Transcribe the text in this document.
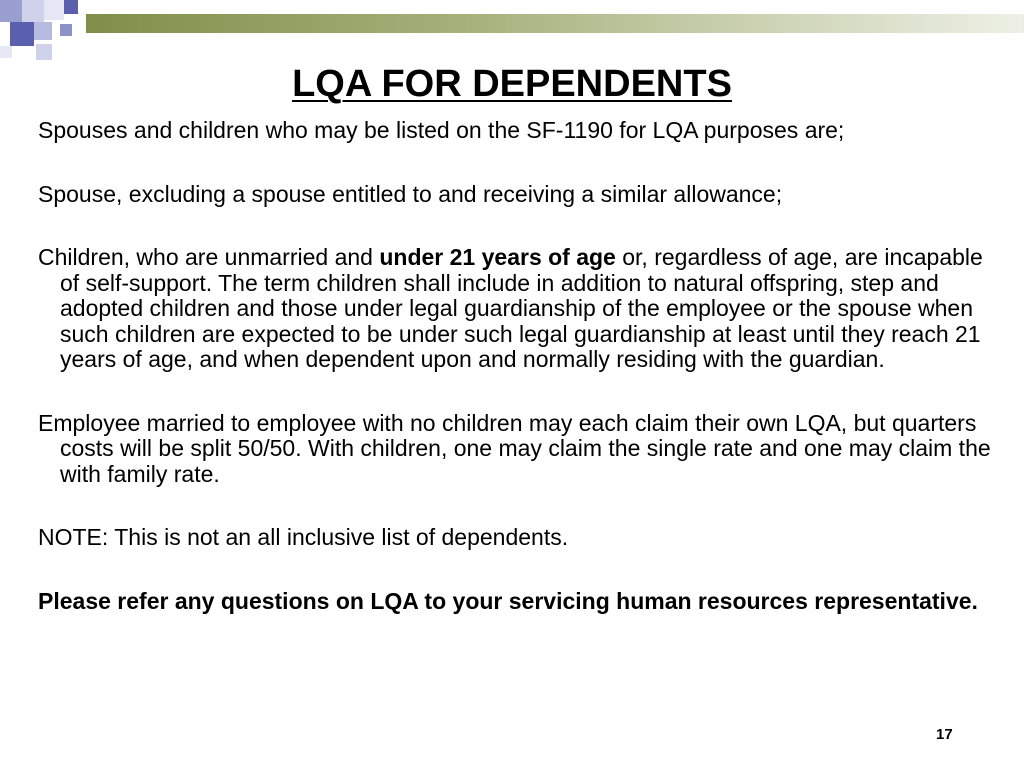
LQA FOR DEPENDENTS

Spouses and children who may be listed on the SF-1190 for LQA purposes are;

Spouse, excluding a spouse entitled to and receiving a similar allowance;

Children, who are unmarried and under 21 years of age or, regardless of age, are incapable of self-support. The term children shall include in addition to natural offspring, step and adopted children and those under legal guardianship of the employee or the spouse when such children are expected to be under such legal guardianship at least until they reach 21 years of age, and when dependent upon and normally residing with the guardian.

Employee married to employee with no children may each claim their own LQA, but quarters costs will be split 50/50. With children, one may claim the single rate and one may claim the with family rate.

NOTE: This is not an all inclusive list of dependents.

Please refer any questions on LQA to your servicing human resources representative.

17
